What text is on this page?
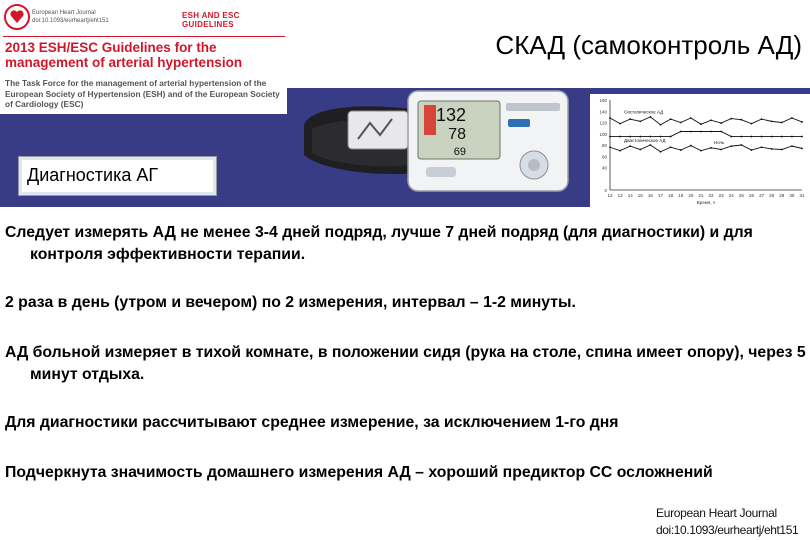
European Heart Journal doi:10.1093/eurheartj/eht151
ESH AND ESC GUIDELINES
2013 ESH/ESC Guidelines for the management of arterial hypertension
The Task Force for the management of arterial hypertension of the European Society of Hypertension (ESH) and of the European Society of Cardiology (ESC)
СКАД (самоконтроль АД)
132
78
69
Диагностика АГ
0
40
60
80
100
120
140
160
12 13 14 15 16 17 18 19 20 21 22 23 24 25 26 27 28 29 30 31
Время, ч
Систолическое АД
Диастолическое АД	Ночь
Следует измерять АД не менее 3-4 дней подряд, лучше 7 дней подряд (для диагностики) и для контроля эффективности терапии.
2 раза в день (утром и вечером) по 2 измерения, интервал – 1-2 минуты.
АД больной измеряет в тихой комнате, в положении сидя (рука на столе, спина имеет опору), через 5 минут отдыха.
Для диагностики рассчитывают среднее измерение, за исключением 1-го дня
Подчеркнута значимость домашнего измерения АД – хороший предиктор СС осложнений
European Heart Journal
doi:10.1093/eurheartj/eht151
